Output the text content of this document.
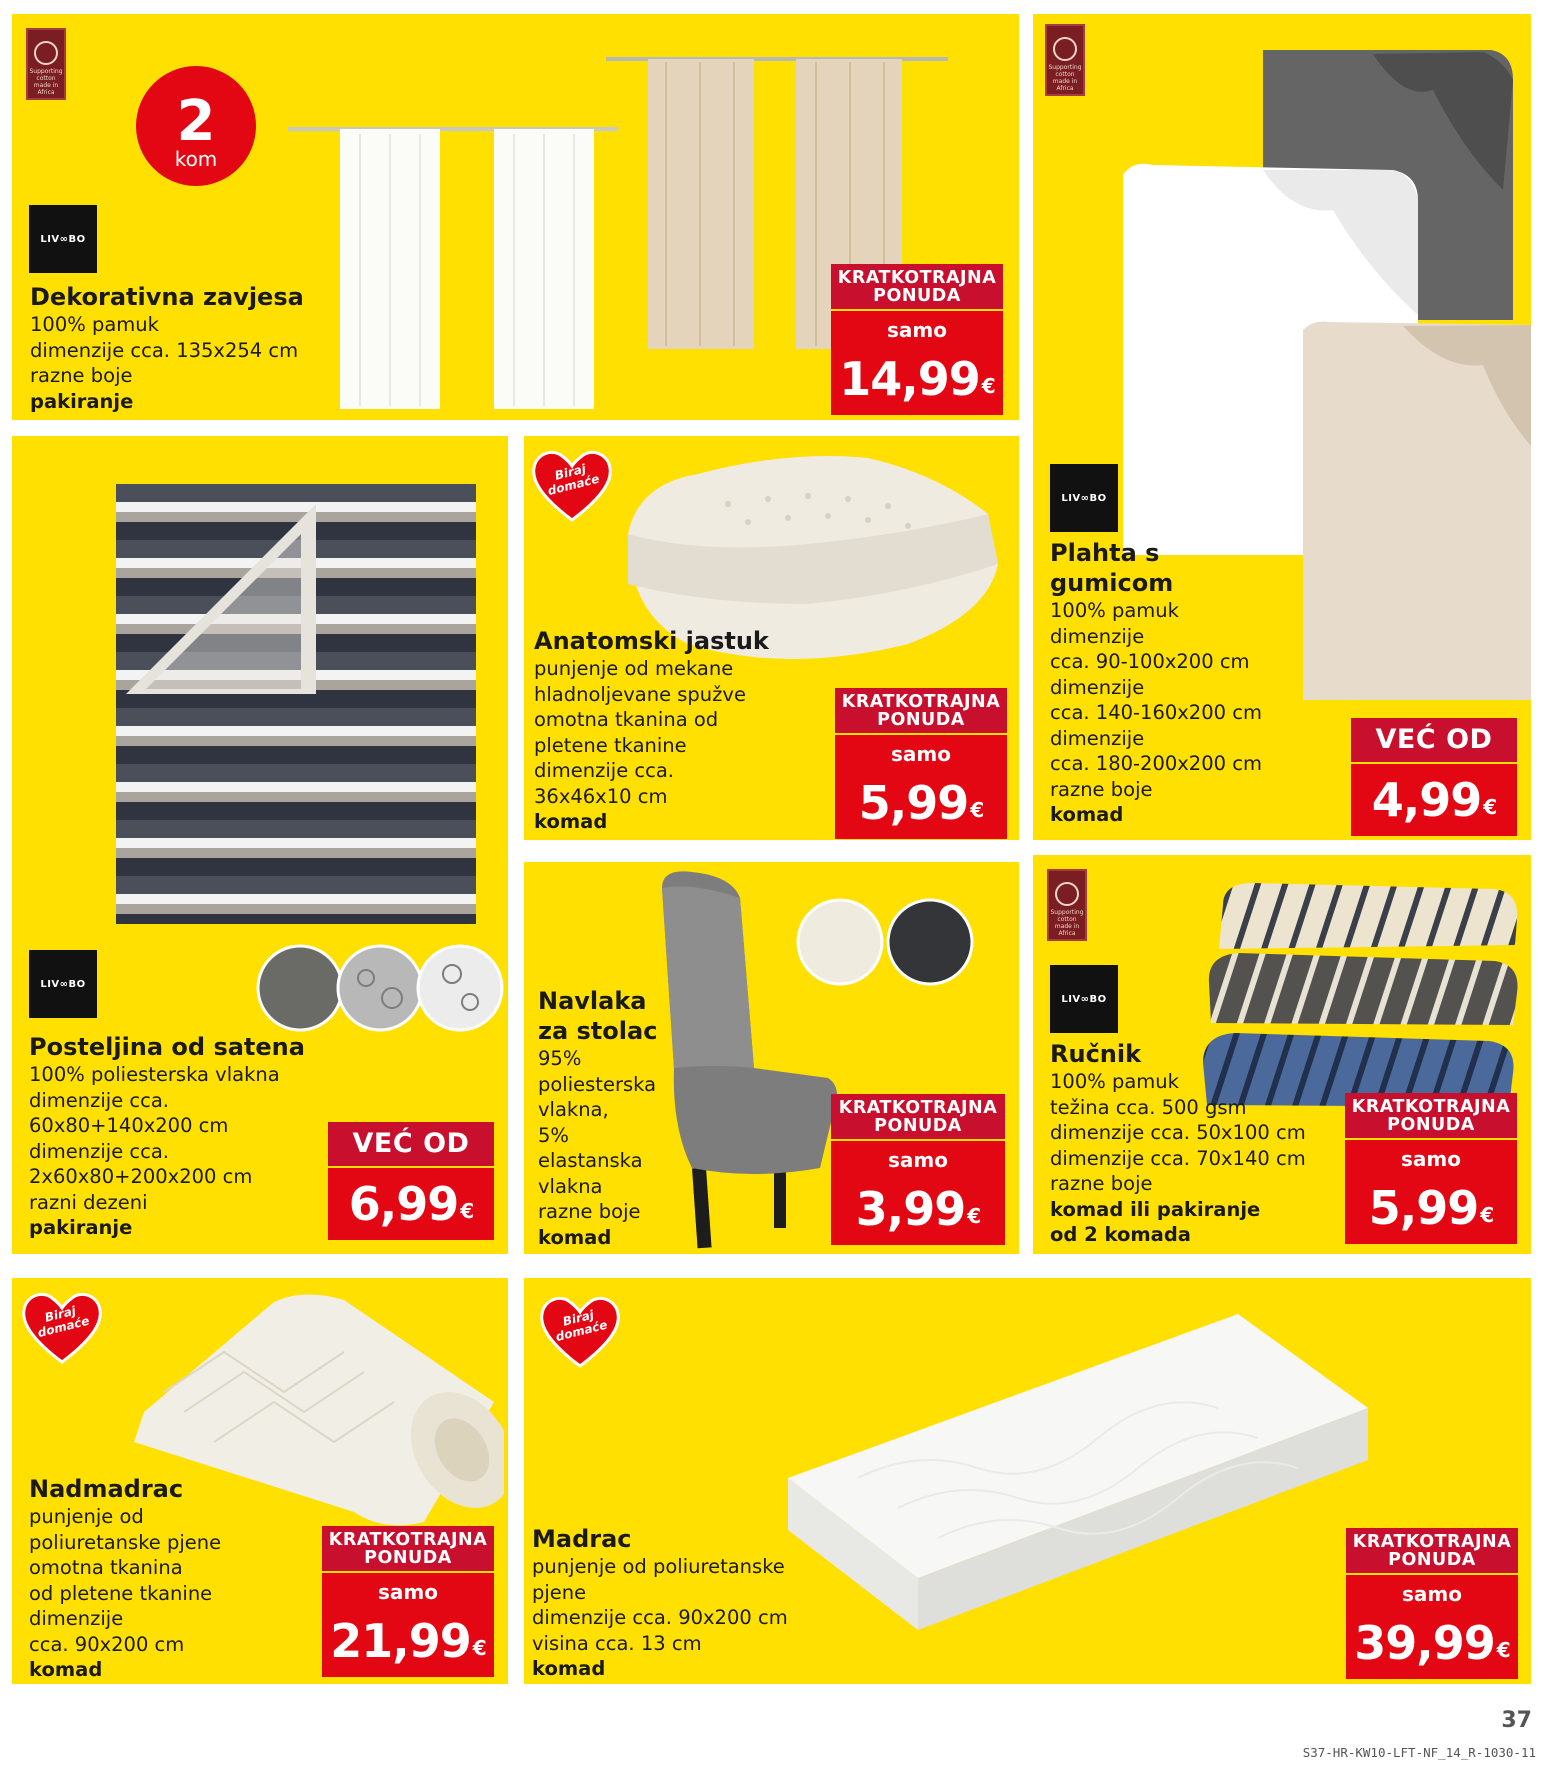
Supporting cotton made in Africa 2
kom
LIV∞BO
Dekorativna zavjesa
100% pamuk
dimenzije cca. 135x254 cm
razne boje
pakiranje
KRATKOTRAJNA PONUDA
samo
14,99 €
Supporting cotton made in Africa
LIV∞BO
Plahta s gumicom
100% pamuk
dimenzije
cca. 90-100x200 cm
dimenzije
cca. 140-160x200 cm
dimenzije
cca. 180-200x200 cm
razne boje
komad
VEĆ OD
4,99 €
LIV∞BO
Posteljina od satena
100% poliesterska vlakna
dimenzije cca.
60x80+140x200 cm
dimenzije cca.
2x60x80+200x200 cm
razni dezeni
pakiranje
VEĆ OD
6,99 €
Biraj domaće
Anatomski jastuk
punjenje od mekane
hladnoljevane spužve
omotna tkanina od
pletene tkanine
dimenzije cca.
36x46x10 cm
komad
KRATKOTRAJNA PONUDA
samo
5,99 €
Navlaka za stolac
95%
poliesterska
vlakna,
5%
elastanska
vlakna
razne boje
komad
KRATKOTRAJNA PONUDA
samo
3,99 €
Supporting cotton made in Africa
LIV∞BO
Ručnik
100% pamuk
težina cca. 500 gsm
dimenzije cca. 50x100 cm
dimenzije cca. 70x140 cm
razne boje
komad ili pakiranje od 2 komada
KRATKOTRAJNA PONUDA
samo
5,99 €
Biraj domaće
Nadmadrac
punjenje od
poliuretanske pjene
omotna tkanina
od pletene tkanine
dimenzije
cca. 90x200 cm
komad
KRATKOTRAJNA PONUDA
samo
21,99 €
Biraj domaće
Madrac
punjenje od poliuretanske
pjene
dimenzije cca. 90x200 cm
visina cca. 13 cm
komad
KRATKOTRAJNA PONUDA
samo
39,99 €
37
S37-HR-KW10-LFT-NF_14_R-1030-11
